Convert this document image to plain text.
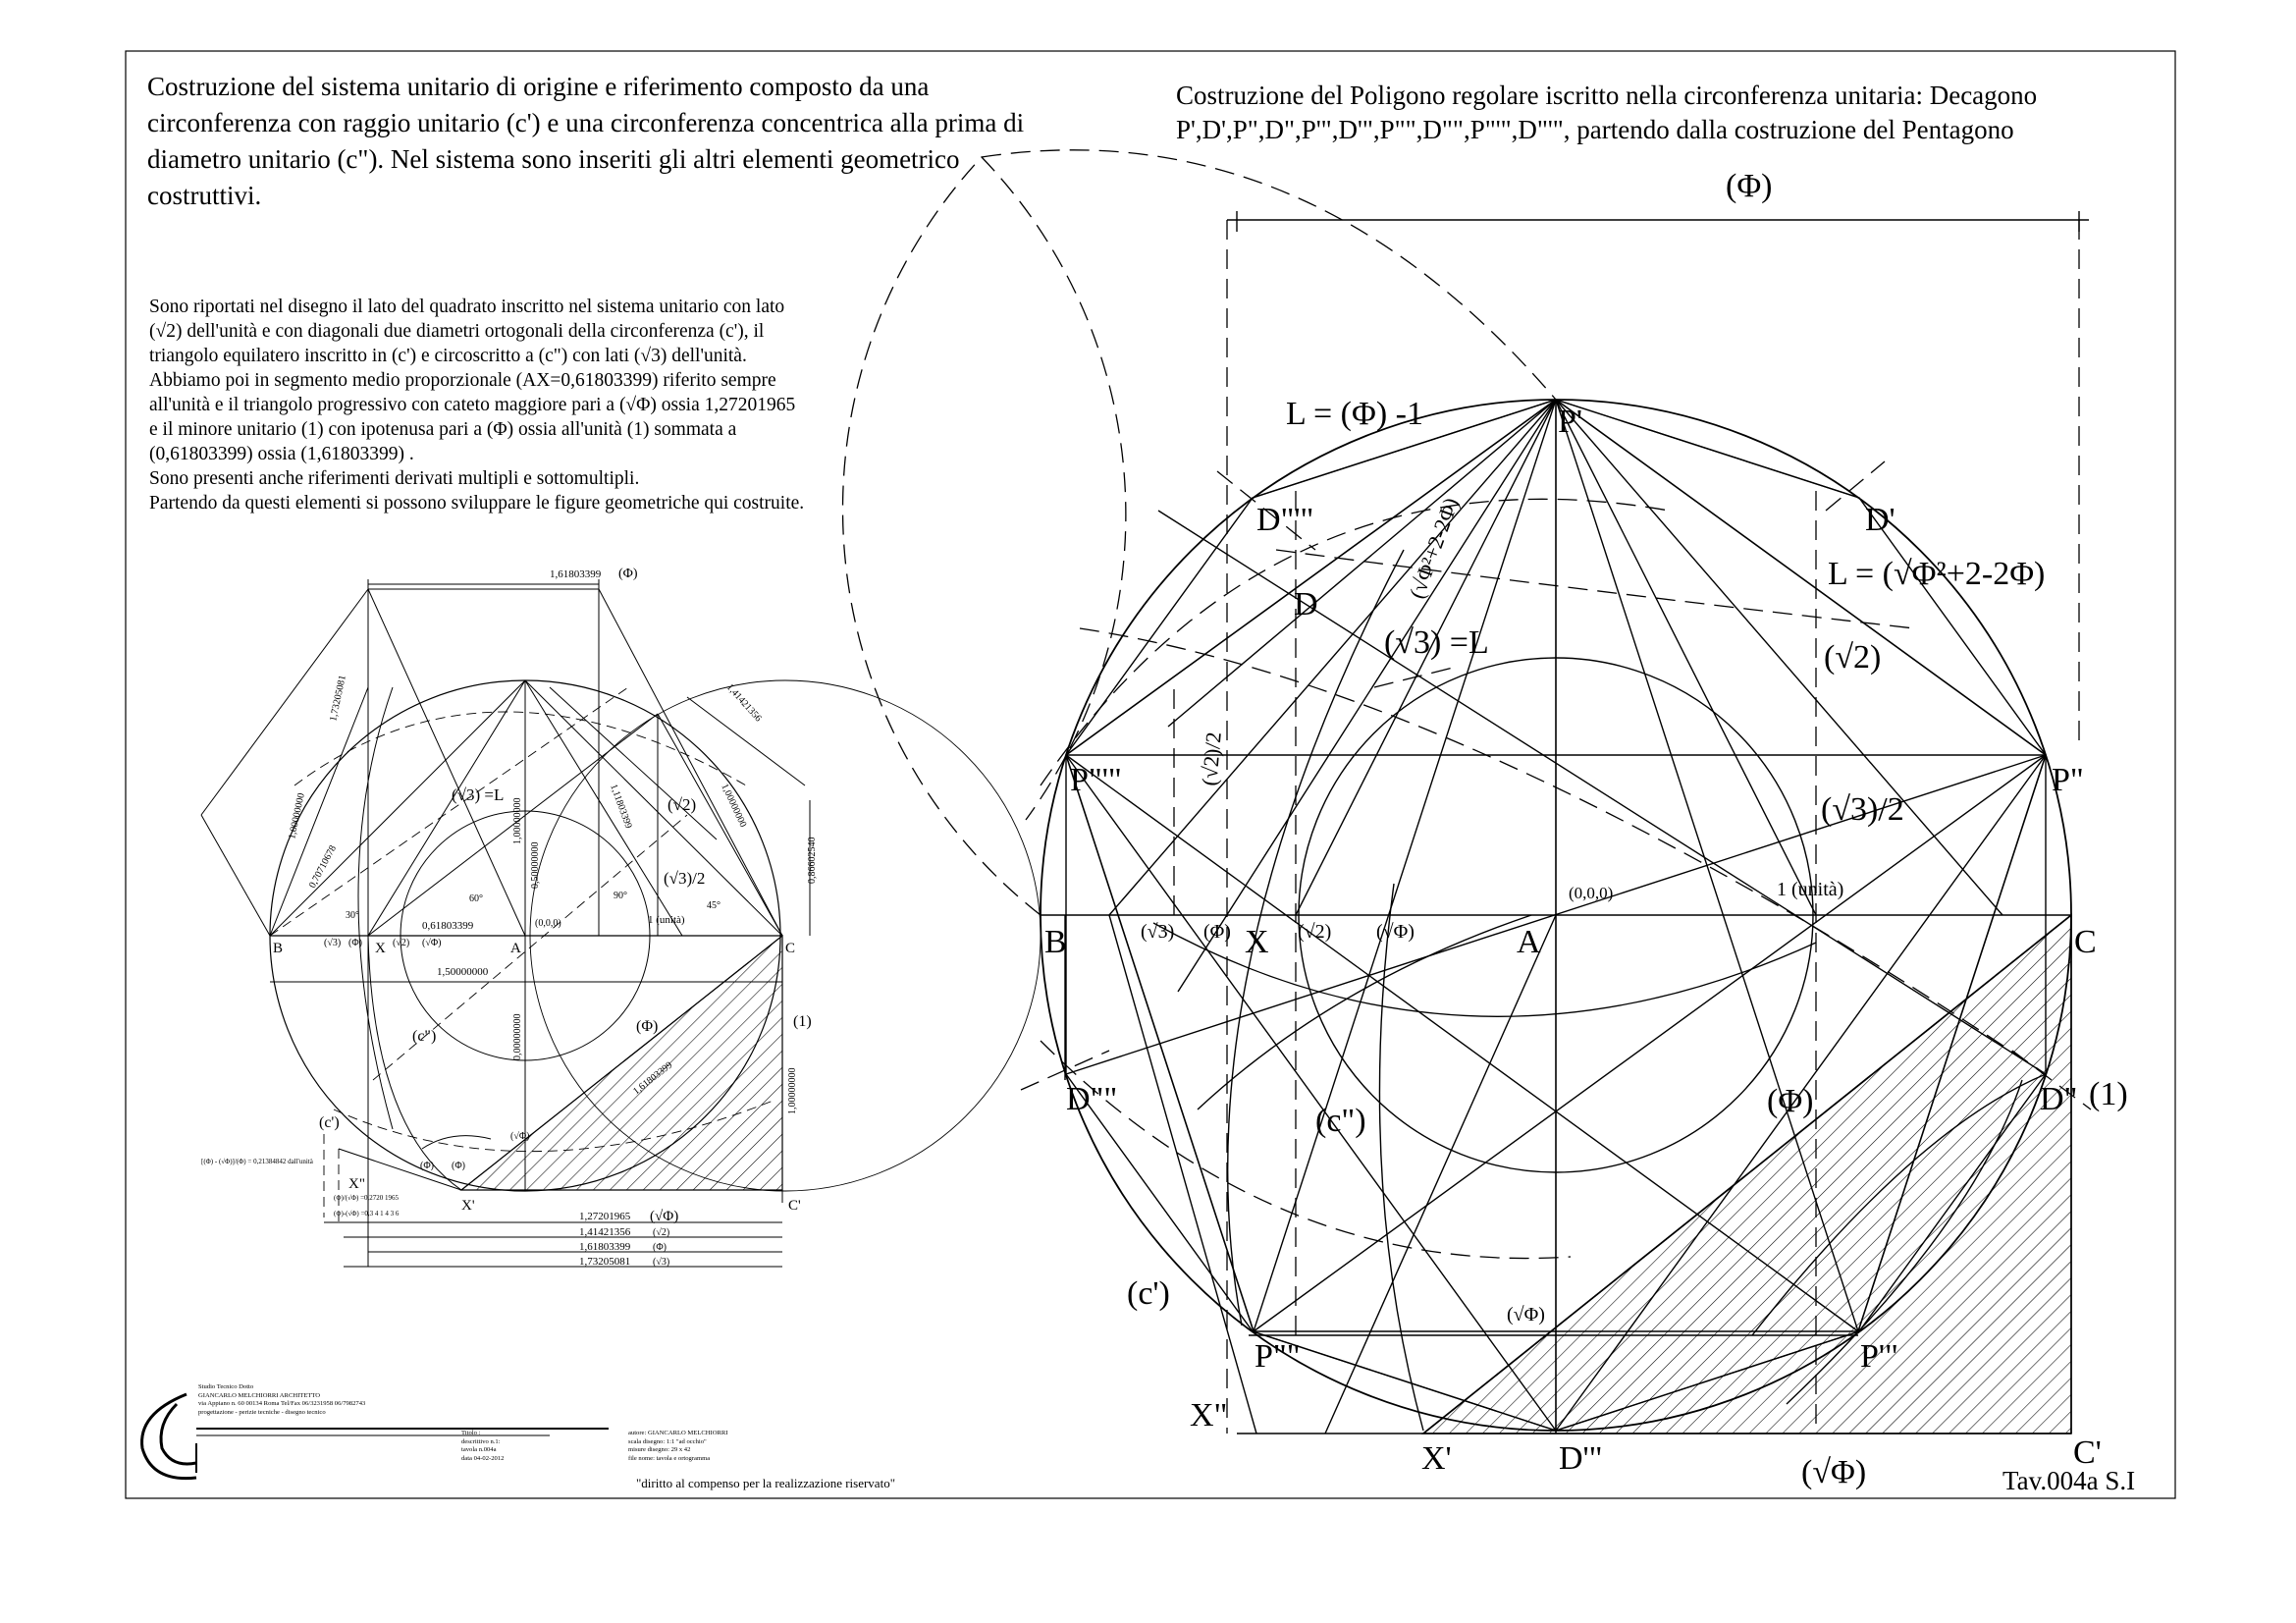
(Φ)
L = (Φ) -1	P'
D"'"	D'
L = (√Φ²+2-2Φ)
D
(√3) =L	(√2)
(√2)/2
(√Φ²+2-2Φ)
P"'"	P"
(√3)/2
(0,0,0)	1 (unità)
B	(√3) (Φ) X (√2) (√Φ)	A	C
D""	D" (1)
(Φ)
(c")
(c')
(√Φ)
P""	P'"
X"
X'	D'"	C'
(√Φ)	Tav.004a S.I
1,61803399 (Φ)
(√3) =L
(√2)
(√3)/2
1 (unità)
(0,0,0)
B	(√3) (Φ) X (√2) (√Φ)	A	C
0,61803399
1,50000000
(Φ)	(1)
(c")
(c')
X"
X'	C'
[(Φ) - (√Φ)]/(Φ) = 0,21384842 dall'unità
(Φ)/(√Φ) =0,2720 1965
(Φ)-(√Φ) =0,3 4 1 4 3 6	1,27201965 (√Φ)
1,41421356 (√2)
1,61803399 (Φ)
1,73205081 (√3)
1,00000000
0,50000000
0,00000000
0,86602540
1,00000000
1,61803399
1,41421356
1,73205081
1,00000000
0,70710678
1,11803399	1,00000000
30°
45°
60°	90°
(Φ) (Φ)
(√Φ)
Costruzione del sistema unitario di origine e riferimento composto da una circonferenza con raggio unitario (c') e una circonferenza concentrica alla prima di diametro unitario (c"). Nel sistema sono inseriti gli altri elementi geometrico costruttivi.

Sono riportati nel disegno il lato del quadrato inscritto nel sistema unitario con lato

(√2) dell'unità e con diagonali due diametri ortogonali della circonferenza (c'), il

triangolo equilatero inscritto in (c') e circoscritto a (c") con lati (√3) dell'unità.

Abbiamo poi in segmento medio proporzionale (AX=0,61803399) riferito sempre

all'unità e il triangolo progressivo con cateto maggiore pari a (√Φ) ossia 1,27201965

e il minore unitario (1) con ipotenusa pari a (Φ) ossia all'unità (1) sommata a

(0,61803399) ossia (1,61803399) .

Sono presenti anche riferimenti derivati multipli e sottomultipli.

Partendo da questi elementi si possono sviluppare le figure geometriche qui costruite.

Costruzione del Poligono regolare iscritto nella circonferenza unitaria: Decagono
P',D',P",D",P'",D'",P"",D"",P"'",D"'", partendo dalla costruzione del Pentagono

Studio Tecnico Dotto

GIANCARLO MELCHIORRI ARCHITETTO

via Appiano n. 60 00134 Roma Tel/Fax 06/3231958 06/7982743

progettazione - perizie tecniche - disegno tecnico

Titolo :

descrittivo n.1:

tavola n.004a

data 04-02-2012

autore: GIANCARLO MELCHIORRI

scala disegno: 1:1 "ad occhio"

misure disegno: 29 x 42

file nome: tavola e ortogramma

"diritto al compenso per la realizzazione riservato"
